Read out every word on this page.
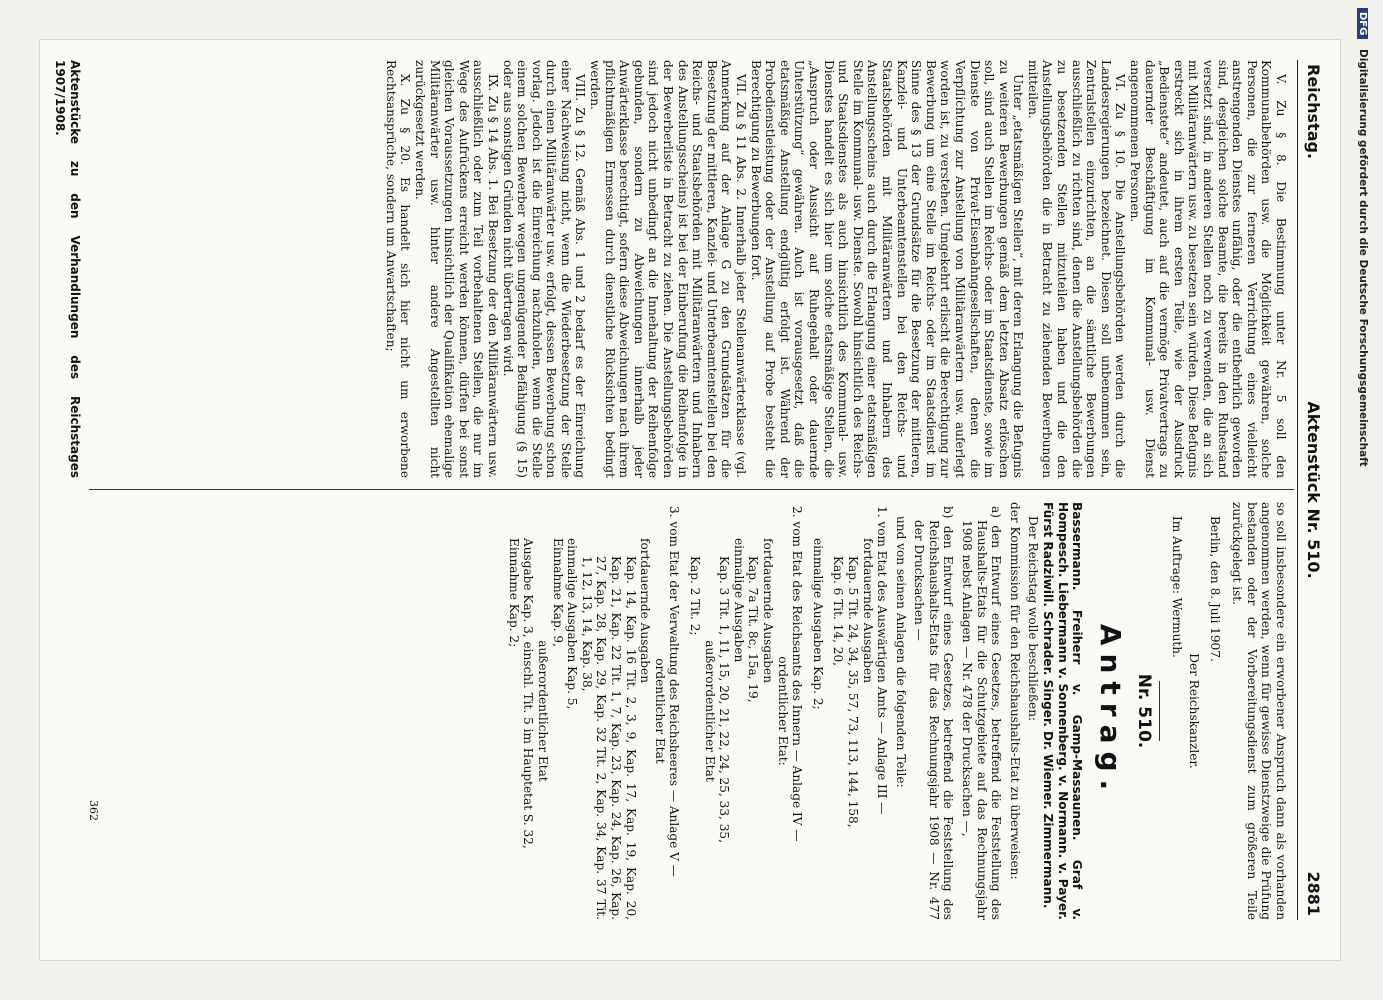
Reichstag.
Aktenstück Nr. 510.
2881

V. Zu § 8. Die Bestimmung unter Nr. 5 soll den Kommunalbehörden usw. die Möglichkeit gewähren, solche Personen, die zur ferneren Verrichtung eines vielleicht anstrengenden Dienstes unfähig, oder die entbehrlich geworden sind, desgleichen solche Beamte, die bereits in den Ruhestand versetzt sind, in anderen Stellen noch zu verwenden, die an sich mit Militäranwärtern usw. zu besetzen sein würden. Diese Befugnis erstreckt sich in ihrem ersten Teile, wie der Ausdruck „Bedienstete“ andeutet, auch auf die vermöge Privatvertrags zu dauernder Beschäftigung im Kommunal- usw. Dienst angenommenen Personen.

VI. Zu § 10. Die Anstellungsbehörden werden durch die Landesregierungen bezeichnet. Diesen soll unbenommen sein, Zentralstellen einzurichten, an die sämtliche Bewerbungen ausschließlich zu richten sind, denen die Anstellungsbehörden die zu besetzenden Stellen mitzuteilen haben und die den Anstellungsbehörden die in Betracht zu ziehenden Bewerbungen mitteilen.

Unter „etatsmäßigen Stellen“, mit deren Erlangung die Befugnis zu weiteren Bewerbungen gemäß dem letzten Absatz erlöschen soll, sind auch Stellen im Reichs- oder im Staatsdienste, sowie im Dienste von Privat-Eisenbahngesellschaften, denen die Verpflichtung zur Anstellung von Militäranwärtern usw. auferlegt worden ist, zu verstehen. Umgekehrt erlischt die Berechtigung zur Bewerbung um eine Stelle im Reichs- oder im Staatsdienst im Sinne des § 13 der Grundsätze für die Besetzung der mittleren, Kanzlei- und Unterbeamtenstellen bei den Reichs- und Staatsbehörden mit Militäranwärtern und Inhabern des Anstellungsscheins auch durch die Erlangung einer etatsmäßigen Stelle im Kommunal- usw. Dienste. Sowohl hinsichtlich des Reichs- und Staatsdienstes als auch hinsichtlich des Kommunal- usw. Dienstes handelt es sich hier um solche etatsmäßige Stellen, die „Anspruch oder Aussicht auf Ruhegehalt oder dauernde Unterstützung“ gewähren. Auch ist vorausgesetzt, daß die etatsmäßige Anstellung endgültig erfolgt ist. Während der Probedienstleistung oder der Anstellung auf Probe besteht die Berechtigung zu Bewerbungen fort.

VII. Zu § 11 Abs. 2. Innerhalb jeder Stellenanwärterklasse (vgl. Anmerkung auf der Anlage G zu den Grundsätzen für die Besetzung der mittleren, Kanzlei- und Unterbeamtenstellen bei den Reichs- und Staatsbehörden mit Militäranwärtern und Inhabern des Anstellungsscheins) ist bei der Einberufung die Reihenfolge in der Bewerberliste in Betracht zu ziehen. Die Anstellungsbehörden sind jedoch nicht unbedingt an die Innehaltung der Reihenfolge gebunden, sondern zu Abweichungen innerhalb jeder Anwärterklasse berechtigt, sofern diese Abweichungen nach ihrem pflichtmäßigen Ermessen durch dienstliche Rücksichten bedingt werden.

VIII. Zu § 12. Gemäß Abs. 1 und 2 bedarf es der Einreichung einer Nachweisung nicht, wenn die Wiederbesetzung der Stelle durch einen Militäranwärter usw. erfolgt, dessen Bewerbung schon vorlag. Jedoch ist die Einreichung nachzuholen, wenn die Stelle einem solchen Bewerber wegen ungenügender Befähigung (§ 15) oder aus sonstigen Gründen nicht übertragen wird.

IX. Zu § 14 Abs. 1. Bei Besetzung der den Militäranwärtern usw. ausschließlich oder zum Teil vorbehaltenen Stellen, die nur im Wege des Aufrückens erreicht werden können, dürfen bei sonst gleichen Voraussetzungen hinsichtlich der Qualifikation ehemalige Militäranwärter usw. hinter andere Angestellten nicht zurückgesetzt werden.

X. Zu § 20. Es handelt sich hier nicht um erworbene Rechtsansprüche, sondern um Anwartschaften;

Aktenstücke zu den Verhandlungen des Reichstages 1907/1908.

so soll insbesondere ein erworbener Anspruch dann als vorhanden angenommen werden, wenn für gewisse Dienstzweige die Prüfung bestanden oder der Vorbereitungsdienst zum größeren Teile zurückgelegt ist.

Berlin, den 8. Juli 1907.

Der Reichskanzler.

Im Auftrage: Wermuth.

Nr. 510.
Antrag.

Bassermann. Freiherr v. Gamp-Massaunen. Graf v. Hompesch. Liebermann v. Sonnenberg. v. Normann. v. Payer. Fürst Radziwill. Schrader. Singer. Dr. Wiemer. Zimmermann.

Der Reichstag wolle beschließen:

der Kommission für den Reichshaushalts-Etat zu überweisen:

a) den Entwurf eines Gesetzes, betreffend die Feststellung des Haushalts-Etats für die Schutzgebiete auf das Rechnungsjahr 1908 nebst Anlagen — Nr. 478 der Drucksachen —,

b) den Entwurf eines Gesetzes, betreffend die Feststellung des Reichshaushalts-Etats für das Rechnungsjahr 1908 — Nr. 477 der Drucksachen —

und von seinen Anlagen die folgenden Teile:

1. vom Etat des Auswärtigen Amts — Anlage III —

fortdauernde Ausgaben

Kap. 5 Tit. 24, 34, 35, 57, 73, 113, 144, 158,

Kap. 6 Tit. 14, 20,

einmalige Ausgaben Kap. 2;

2. vom Etat des Reichsamts des Innern — Anlage IV —

ordentlicher Etat:

fortdauernde Ausgaben

Kap. 7a Tit. 8c, 15a, 19,

einmalige Ausgaben

Kap. 3 Tit. 1, 11, 15, 20, 21, 22, 24, 25, 33, 35,

außerordentlicher Etat

Kap. 2 Tit. 2;

3. vom Etat der Verwaltung des Reichsheeres — Anlage V —

ordentlicher Etat

fortdauernde Ausgaben

Kap. 14, Kap. 16 Tit. 2, 3, 9, Kap. 17, Kap. 19, Kap. 20, Kap. 21, Kap. 22 Tit. 1, 7, Kap. 23, Kap. 24, Kap. 26, Kap. 27, Kap. 28, Kap. 29, Kap. 32 Tit. 2, Kap. 34, Kap. 37 Tit. 1, 12, 13, 14, Kap. 38,

einmalige Ausgaben Kap. 5,

Einnahme Kap. 9,

außerordentlicher Etat

Ausgabe Kap. 3, einschl. Tit. 5 im Hauptetat S. 32,

Einnahme Kap. 2;

362
DFG Digitalisierung gefördert durch die Deutsche Forschungsgemeinschaft
